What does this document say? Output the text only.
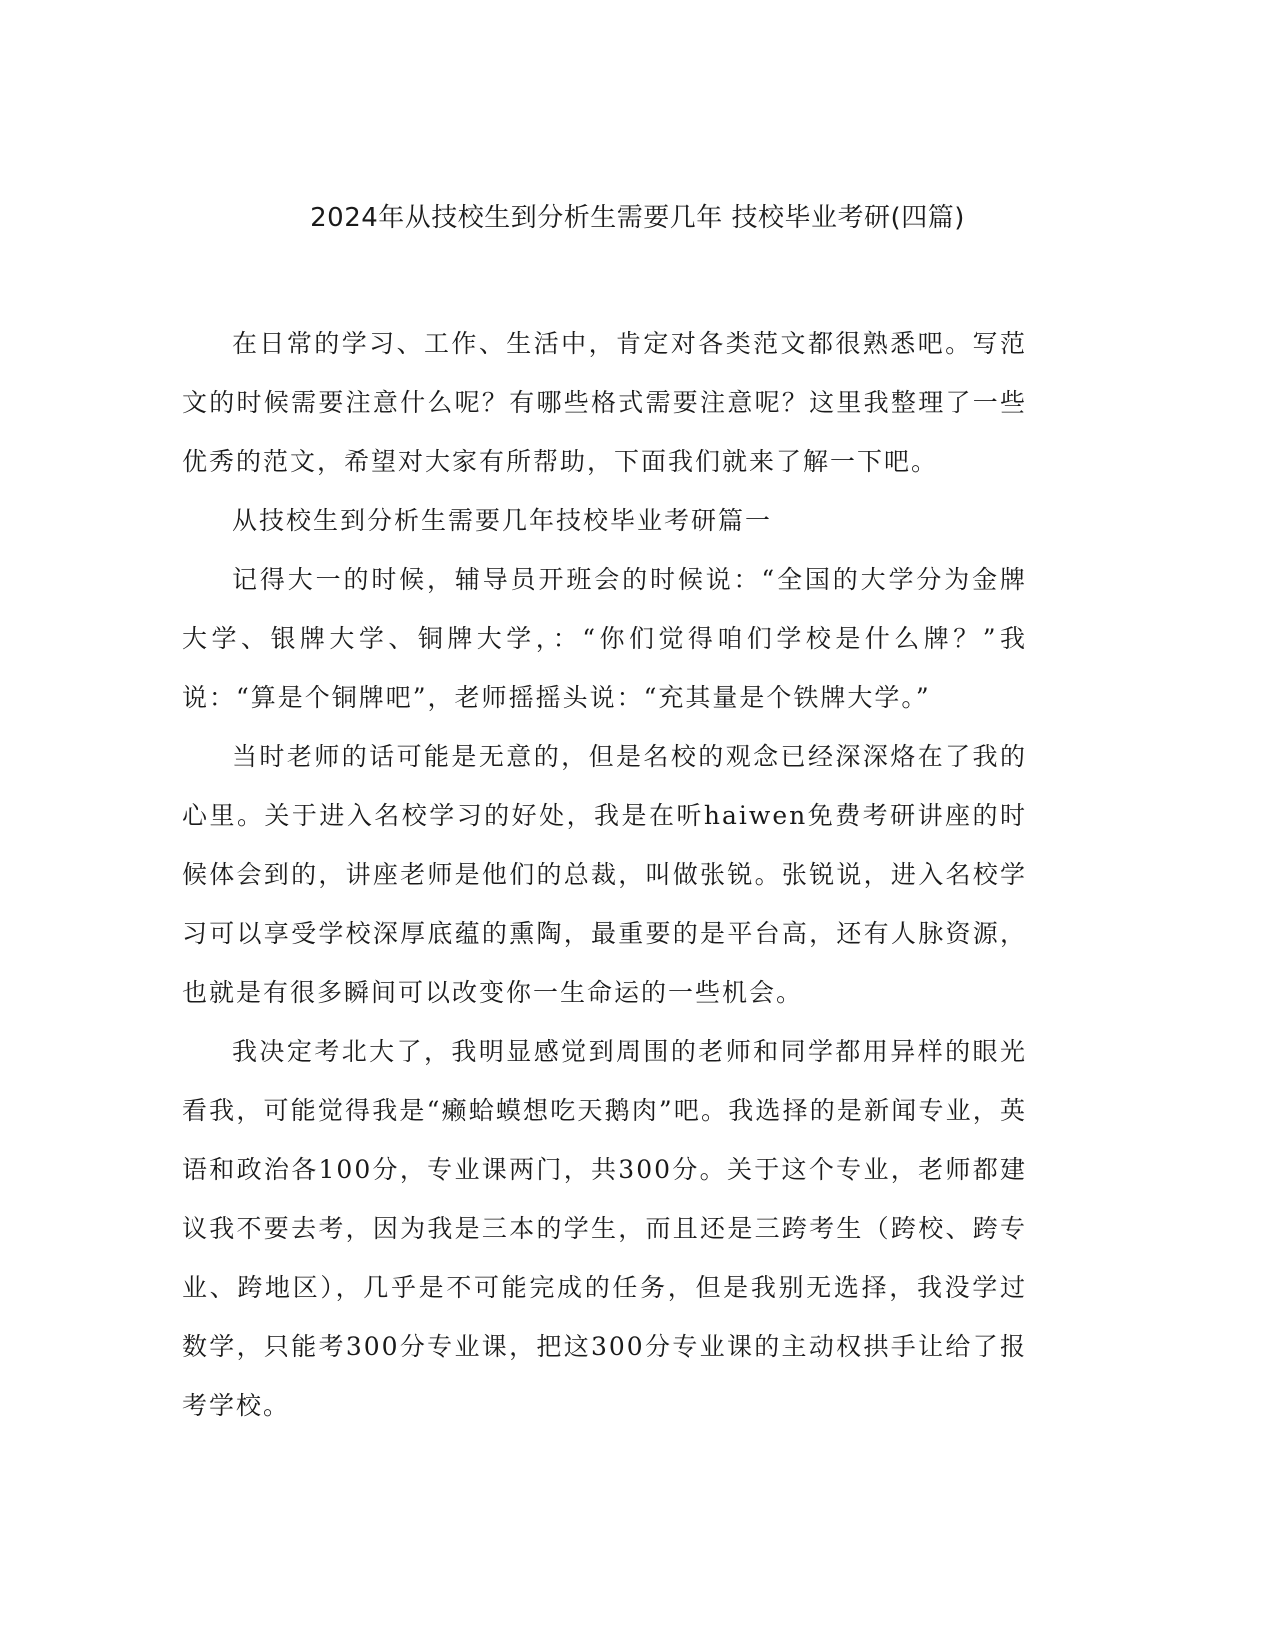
2024年从技校生到分析生需要几年 技校毕业考研(四篇)

在日常的学习、工作、生活中，肯定对各类范文都很熟悉吧。写范文的时候需要注意什么呢？有哪些格式需要注意呢？这里我整理了一些优秀的范文，希望对大家有所帮助，下面我们就来了解一下吧。

从技校生到分析生需要几年技校毕业考研篇一

记得大一的时候，辅导员开班会的时候说：“全国的大学分为金牌大学、银牌大学、铜牌大学，：“你们觉得咱们学校是什么牌？”我说：“算是个铜牌吧”，老师摇摇头说：“充其量是个铁牌大学。”

当时老师的话可能是无意的，但是名校的观念已经深深烙在了我的心里。关于进入名校学习的好处，我是在听haiwen免费考研讲座的时候体会到的，讲座老师是他们的总裁，叫做张锐。张锐说，进入名校学习可以享受学校深厚底蕴的熏陶，最重要的是平台高，还有人脉资源，也就是有很多瞬间可以改变你一生命运的一些机会。

我决定考北大了，我明显感觉到周围的老师和同学都用异样的眼光看我，可能觉得我是“癞蛤蟆想吃天鹅肉”吧。我选择的是新闻专业，英语和政治各100分，专业课两门，共300分。关于这个专业，老师都建议我不要去考，因为我是三本的学生，而且还是三跨考生（跨校、跨专业、跨地区），几乎是不可能完成的任务，但是我别无选择，我没学过数学，只能考300分专业课，把这300分专业课的主动权拱手让给了报考学校。
